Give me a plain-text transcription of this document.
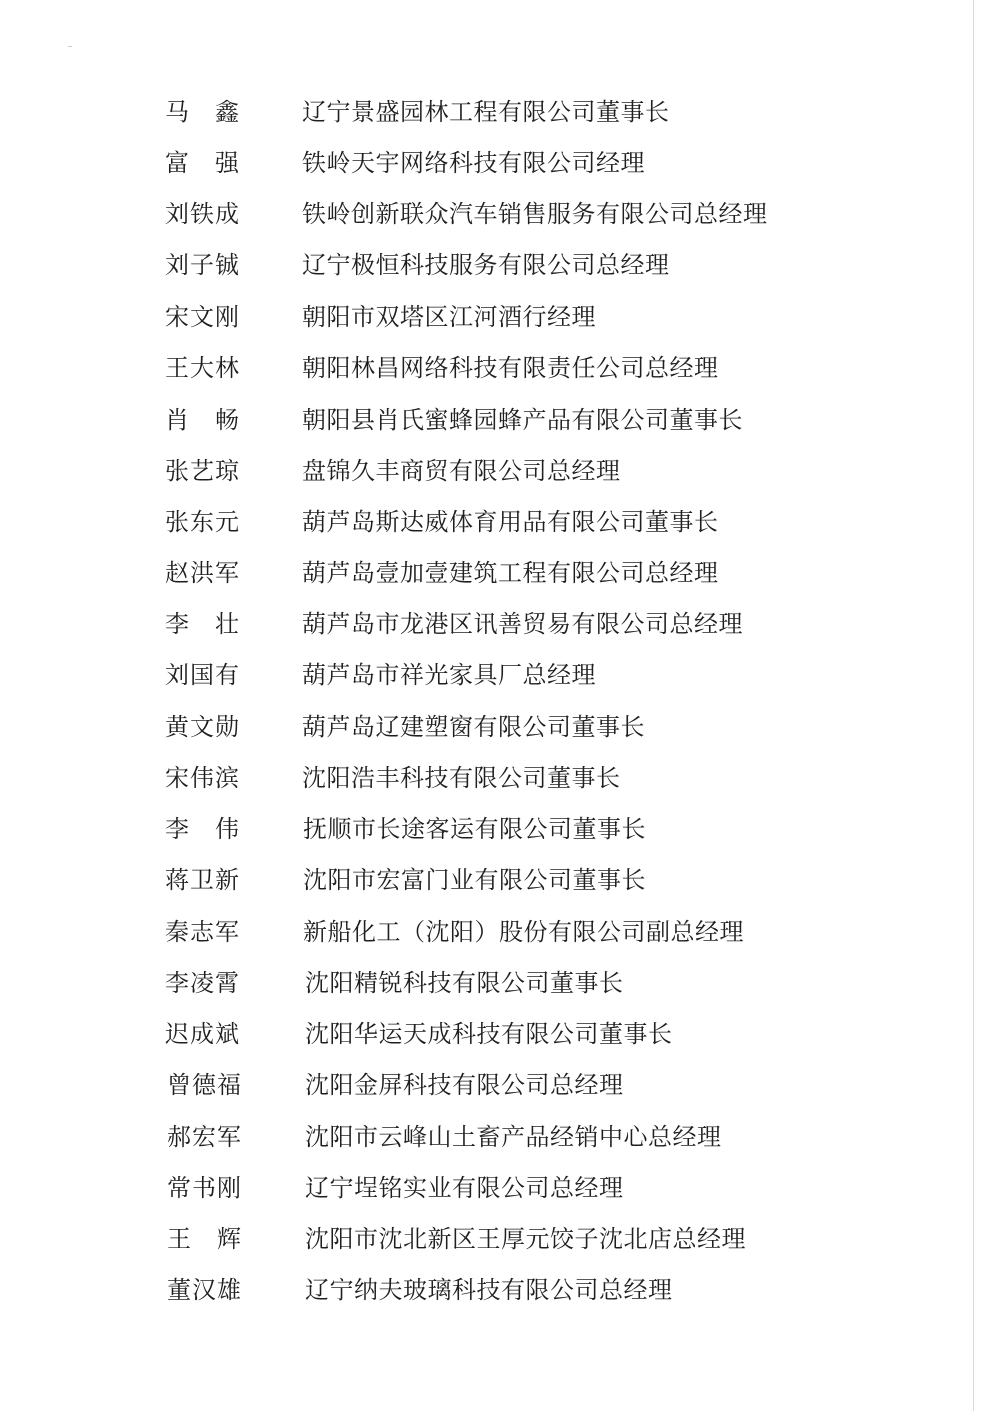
马　鑫	辽宁景盛园林工程有限公司董事长
富　强	铁岭天宇网络科技有限公司经理
刘铁成	铁岭创新联众汽车销售服务有限公司总经理
刘子铖	辽宁极恒科技服务有限公司总经理
宋文刚	朝阳市双塔区江河酒行经理
王大林	朝阳林昌网络科技有限责任公司总经理
肖　畅	朝阳县肖氏蜜蜂园蜂产品有限公司董事长
张艺琼	盘锦久丰商贸有限公司总经理
张东元	葫芦岛斯达威体育用品有限公司董事长
赵洪军	葫芦岛壹加壹建筑工程有限公司总经理
李　壮	葫芦岛市龙港区讯善贸易有限公司总经理
刘国有	葫芦岛市祥光家具厂总经理
黄文勋	葫芦岛辽建塑窗有限公司董事长
宋伟滨	沈阳浩丰科技有限公司董事长
李　伟	抚顺市长途客运有限公司董事长
蒋卫新	沈阳市宏富门业有限公司董事长
秦志军	新船化工（沈阳）股份有限公司副总经理
李凌霄	沈阳精锐科技有限公司董事长
迟成斌	沈阳华运天成科技有限公司董事长
曾德福	沈阳金屏科技有限公司总经理
郝宏军	沈阳市云峰山土畜产品经销中心总经理
常书刚	辽宁埕铭实业有限公司总经理
王　辉	沈阳市沈北新区王厚元饺子沈北店总经理
董汉雄	辽宁纳夫玻璃科技有限公司总经理
